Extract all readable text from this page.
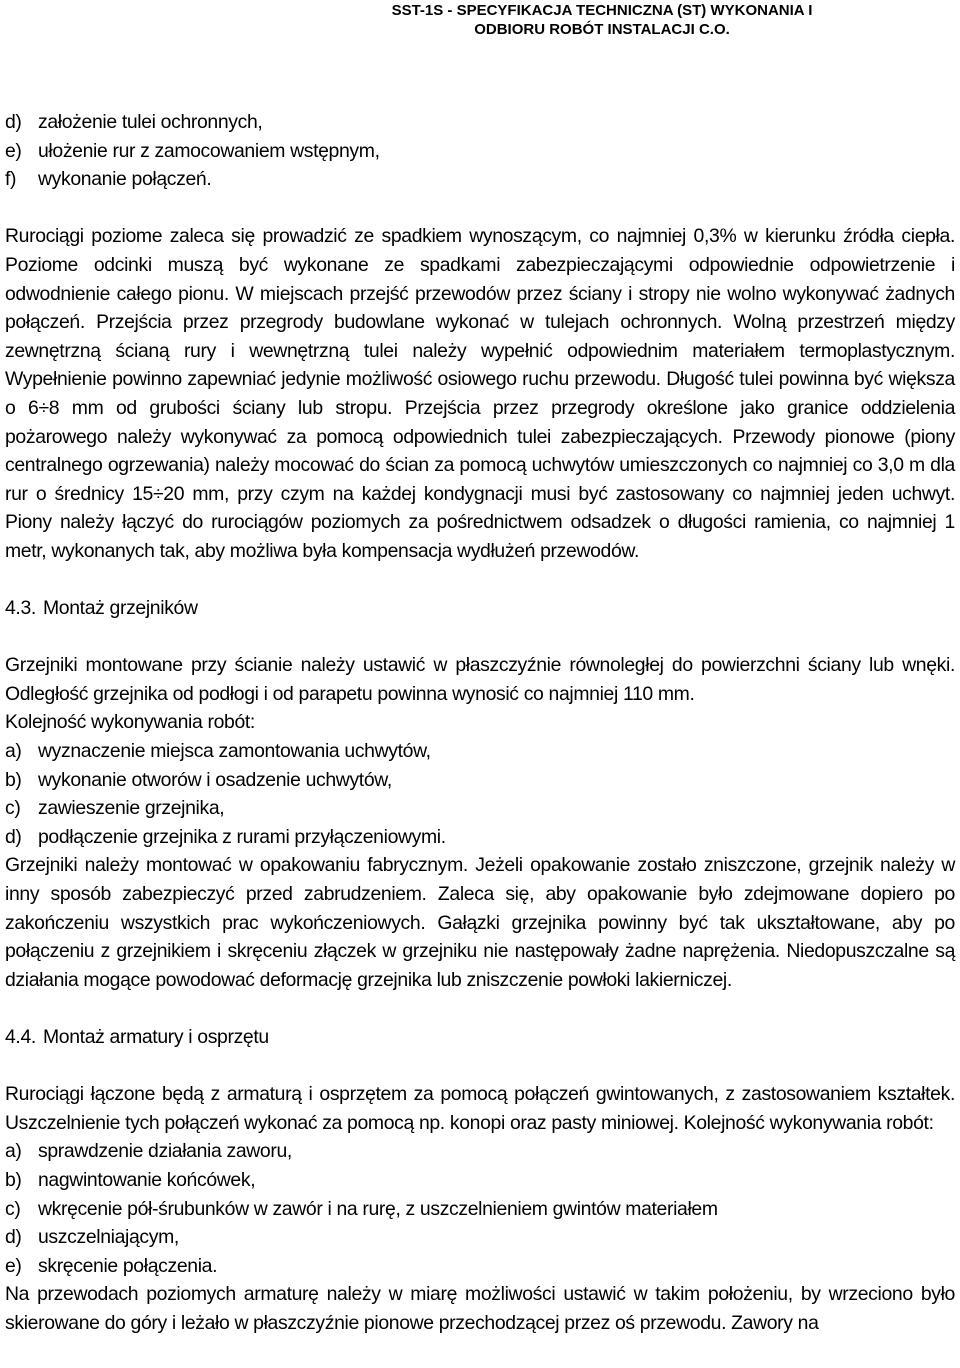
SST-1S - SPECYFIKACJA TECHNICZNA (ST) WYKONANIA I
ODBIORU ROBÓT INSTALACJI C.O.
d) założenie tulei ochronnych,
e) ułożenie rur z zamocowaniem wstępnym,
f) wykonanie połączeń.

Rurociągi poziome zaleca się prowadzić ze spadkiem wynoszącym, co najmniej 0,3% w kierunku źródła ciepła. Poziome odcinki muszą być wykonane ze spadkami zabezpieczającymi odpowiednie odpowietrzenie i odwodnienie całego pionu. W miejscach przejść przewodów przez ściany i stropy nie wolno wykonywać żadnych połączeń. Przejścia przez przegrody budowlane wykonać w tulejach ochronnych. Wolną przestrzeń między zewnętrzną ścianą rury i wewnętrzną tulei należy wypełnić odpowiednim materiałem termoplastycznym. Wypełnienie powinno zapewniać jedynie możliwość osiowego ruchu przewodu. Długość tulei powinna być większa o 6÷8 mm od grubości ściany lub stropu. Przejścia przez przegrody określone jako granice oddzielenia pożarowego należy wykonywać za pomocą odpowiednich tulei zabezpieczających. Przewody pionowe (piony centralnego ogrzewania) należy mocować do ścian za pomocą uchwytów umieszczonych co najmniej co 3,0 m dla rur o średnicy 15÷20 mm, przy czym na każdej kondygnacji musi być zastosowany co najmniej jeden uchwyt. Piony należy łączyć do rurociągów poziomych za pośrednictwem odsadzek o długości ramienia, co najmniej 1 metr, wykonanych tak, aby możliwa była kompensacja wydłużeń przewodów.

4.3. Montaż grzejników

Grzejniki montowane przy ścianie należy ustawić w płaszczyźnie równoległej do powierzchni ściany lub wnęki. Odległość grzejnika od podłogi i od parapetu powinna wynosić co najmniej 110 mm.

Kolejność wykonywania robót:
a) wyznaczenie miejsca zamontowania uchwytów,
b) wykonanie otworów i osadzenie uchwytów,
c) zawieszenie grzejnika,
d) podłączenie grzejnika z rurami przyłączeniowymi.

Grzejniki należy montować w opakowaniu fabrycznym. Jeżeli opakowanie zostało zniszczone, grzejnik należy w inny sposób zabezpieczyć przed zabrudzeniem. Zaleca się, aby opakowanie było zdejmowane dopiero po zakończeniu wszystkich prac wykończeniowych. Gałązki grzejnika powinny być tak ukształtowane, aby po połączeniu z grzejnikiem i skręceniu złączek w grzejniku nie następowały żadne naprężenia. Niedopuszczalne są działania mogące powodować deformację grzejnika lub zniszczenie powłoki lakierniczej.

4.4. Montaż armatury i osprzętu

Rurociągi łączone będą z armaturą i osprzętem za pomocą połączeń gwintowanych, z zastosowaniem kształtek. Uszczelnienie tych połączeń wykonać za pomocą np. konopi oraz pasty miniowej. Kolejność wykonywania robót:

a) sprawdzenie działania zaworu,
b) nagwintowanie końcówek,
c) wkręcenie pół-śrubunków w zawór i na rurę, z uszczelnieniem gwintów materiałem
d) uszczelniającym,
e) skręcenie połączenia.

Na przewodach poziomych armaturę należy w miarę możliwości ustawić w takim położeniu, by wrzeciono było skierowane do góry i leżało w płaszczyźnie pionowe przechodzącej przez oś przewodu. Zawory na
